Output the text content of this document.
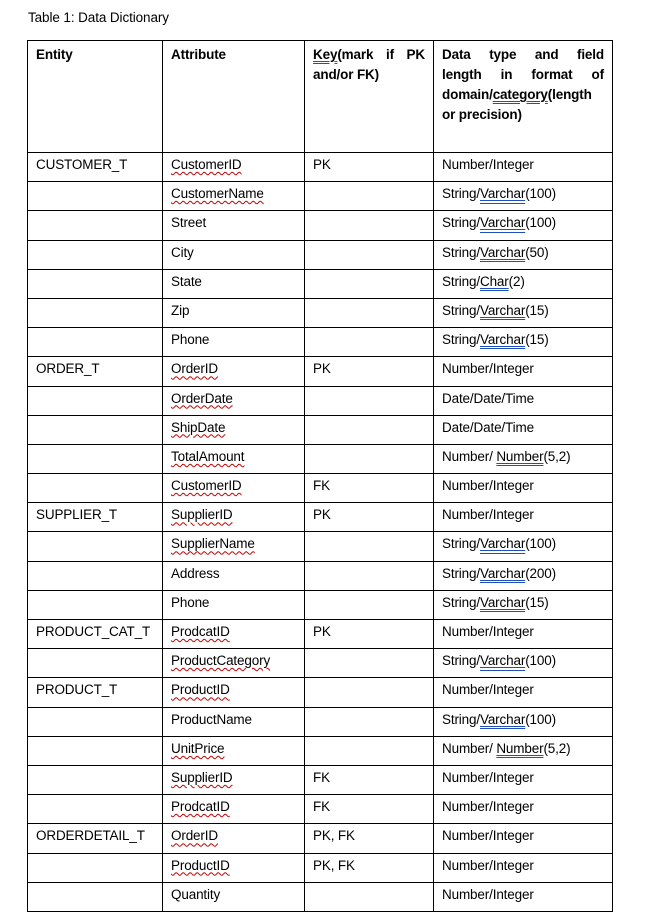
Table 1: Data Dictionary
Entity	Attribute	Key(mark if PK
and/or FK)	Data type and field
length in format of
domain/category(length
or precision)

CUSTOMER_T	CustomerID	PK	Number/Integer
	CustomerName		String/Varchar(100)
	Street		String/Varchar(100)
	City		String/Varchar(50)
	State		String/Char(2)
	Zip		String/Varchar(15)
	Phone		String/Varchar(15)
ORDER_T	OrderID	PK	Number/Integer
	OrderDate		Date/Date/Time
	ShipDate		Date/Date/Time
	TotalAmount		Number/ Number(5,2)
	CustomerID	FK	Number/Integer
SUPPLIER_T	SupplierID	PK	Number/Integer
	SupplierName		String/Varchar(100)
	Address		String/Varchar(200)
	Phone		String/Varchar(15)
PRODUCT_CAT_T	ProdcatID	PK	Number/Integer
	ProductCategory		String/Varchar(100)
PRODUCT_T	ProductID		Number/Integer
	ProductName		String/Varchar(100)
	UnitPrice		Number/ Number(5,2)
	SupplierID	FK	Number/Integer
	ProdcatID	FK	Number/Integer
ORDERDETAIL_T	OrderID	PK, FK	Number/Integer
	ProductID	PK, FK	Number/Integer
	Quantity		Number/Integer
